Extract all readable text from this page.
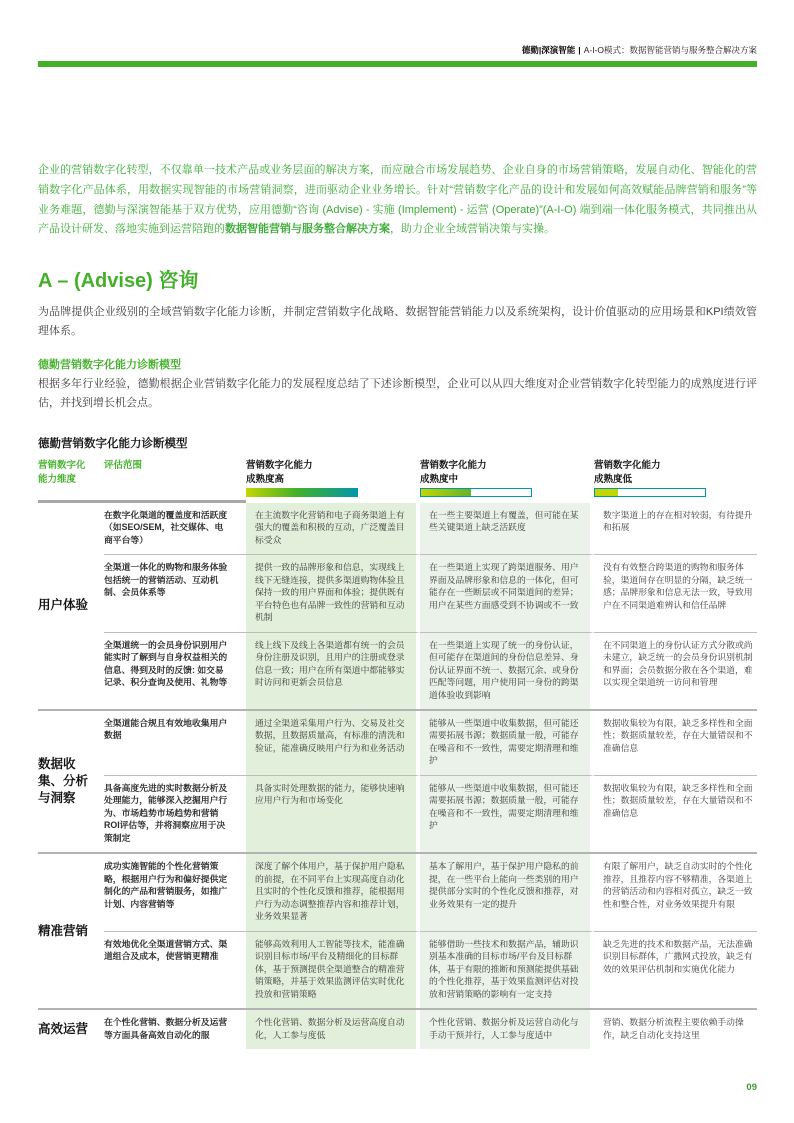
德勤|深演智能 | A-I-O模式：数据智能营销与服务整合解决方案

企业的营销数字化转型，不仅靠单一技术产品或业务层面的解决方案，而应融合市场发展趋势、企业自身的市场营销策略，发展自动化、智能化的营销数字化产品体系，用数据实现智能的市场营销洞察，进而驱动企业业务增长。针对“营销数字化产品的设计和发展如何高效赋能品牌营销和服务”等业务难题，德勤与深演智能基于双方优势，应用德勤“咨询 (Advise) - 实施 (Implement) - 运营 (Operate)”(A-I-O) 端到端一体化服务模式，共同推出从产品设计研发、落地实施到运营陪跑的数据智能营销与服务整合解决方案，助力企业全域营销决策与实操。

A – (Advise) 咨询

为品牌提供企业级别的全域营销数字化能力诊断，并制定营销数字化战略、数据智能营销能力以及系统架构，设计价值驱动的应用场景和KPI绩效管理体系。

德勤营销数字化能力诊断模型

根据多年行业经验，德勤根据企业营销数字化能力的发展程度总结了下述诊断模型，企业可以从四大维度对企业营销数字化转型能力的成熟度进行评估，并找到增长机会点。

德勤营销数字化能力诊断模型
营销数字化
能力维度
评估范围	营销数字化能力
成熟度高
营销数字化能力
成熟度中
营销数字化能力
成熟度低
用户体验
在数字化渠道的覆盖度和活跃度（如SEO/SEM，社交媒体、电商平台等）
在主流数字化营销和电子商务渠道上有强大的覆盖和积极的互动，广泛覆盖目标受众
在一些主要渠道上有覆盖，但可能在某些关键渠道上缺乏活跃度
数字渠道上的存在相对较弱，有待提升和拓展
全渠道一体化的购物和服务体验包括统一的营销活动、互动机制、会员体系等
提供一致的品牌形象和信息，实现线上线下无缝连接，提供多渠道购物体验且保持一致的用户界面和体验；提供既有平台特色也有品牌一致性的营销和互动机制
在一些渠道上实现了跨渠道服务、用户界面及品牌形象和信息的一体化，但可能存在一些断层或不同渠道间的差异；用户在某些方面感受到不协调或不一致
没有有效整合跨渠道的购物和服务体验，渠道间存在明显的分隔，缺乏统一感；品牌形象和信息无法一致，导致用户在不同渠道难辨认和信任品牌
全渠道统一的会员身份识别用户能实时了解到与自身权益相关的信息、得到及时的反馈: 如交易记录、积分查询及使用、礼物等
线上线下及线上各渠道都有统一的会员身份注册及识别，且用户的注册或登录信息一致；用户在所有渠道中都能够实时访问和更新会员信息
在一些渠道上实现了统一的身份认证，但可能存在渠道间的身份信息差异、身份认证界面不统一、数据冗余、或身份匹配等问题，用户使用同一身份的跨渠道体验收到影响
在不同渠道上的身份认证方式分散或尚未建立，缺乏统一的会员身份识别机制和界面；会员数据分散在各个渠道，难以实现全渠道统一访问和管理
数据收集、分析与洞察
全渠道能合规且有效地收集用户数据
通过全渠道采集用户行为、交易及社交数据，且数据质量高，有标准的清洗和验证，能准确反映用户行为和业务活动
能够从一些渠道中收集数据，但可能还需要拓展书源；数据质量一般，可能存在噪音和不一致性，需要定期清理和维护
数据收集较为有限，缺乏多样性和全面性；数据质量较差，存在大量错误和不准确信息
具备高度先进的实时数据分析及处理能力，能够深入挖掘用户行为、市场趋势市场趋势和营销ROI评估等，并将洞察应用于决策制定
具备实时处理数据的能力，能够快速响应用户行为和市场变化
能够从一些渠道中收集数据，但可能还需要拓展书源；数据质量一般，可能存在噪音和不一致性，需要定期清理和维护
数据收集较为有限，缺乏多样性和全面性；数据质量较差，存在大量错误和不准确信息
精准营销
成功实施智能的个性化营销策略，根据用户行为和偏好提供定制化的产品和营销服务，如推广计划、内容营销等
深度了解个体用户，基于保护用户隐私的前提，在不同平台上实现高度自动化且实时的个性化反馈和推荐，能根据用户行为动态调整推荐内容和推荐计划，业务效果显著
基本了解用户，基于保护用户隐私的前提，在一些平台上能向一些类别的用户提供部分实时的个性化反馈和推荐，对业务效果有一定的提升
有限了解用户，缺乏自动实时的个性化推荐，且推荐内容不够精准，各渠道上的营销活动和内容相对孤立，缺乏一致性和整合性，对业务效果提升有限
有效地优化全渠道营销方式、渠道组合及成本，使营销更精准
能够高效利用人工智能等技术，能准确识别目标市场/平台及精细化的目标群体，基于预测提供全渠道整合的精准营销策略，并基于效果监测评估实时优化投放和营销策略
能够借助一些技术和数据产品，辅助识别基本准确的目标市场/平台及目标群体，基于有限的推断和预测能提供基础的个性化推荐，基于效果监测评估对投放和营销策略的影响有一定支持
缺乏先进的技术和数据产品，无法准确识别目标群体，广撒网式投放，缺乏有效的效果评估机制和实施优化能力
高效运营
在个性化营销、数据分析及运营等方面具备高效自动化的服
个性化营销、数据分析及运营高度自动化，人工参与度低
个性化营销、数据分析及运营自动化与手动干预并行，人工参与度适中
营销、数据分析流程主要依赖手动操作，缺乏自动化支持这里
09
